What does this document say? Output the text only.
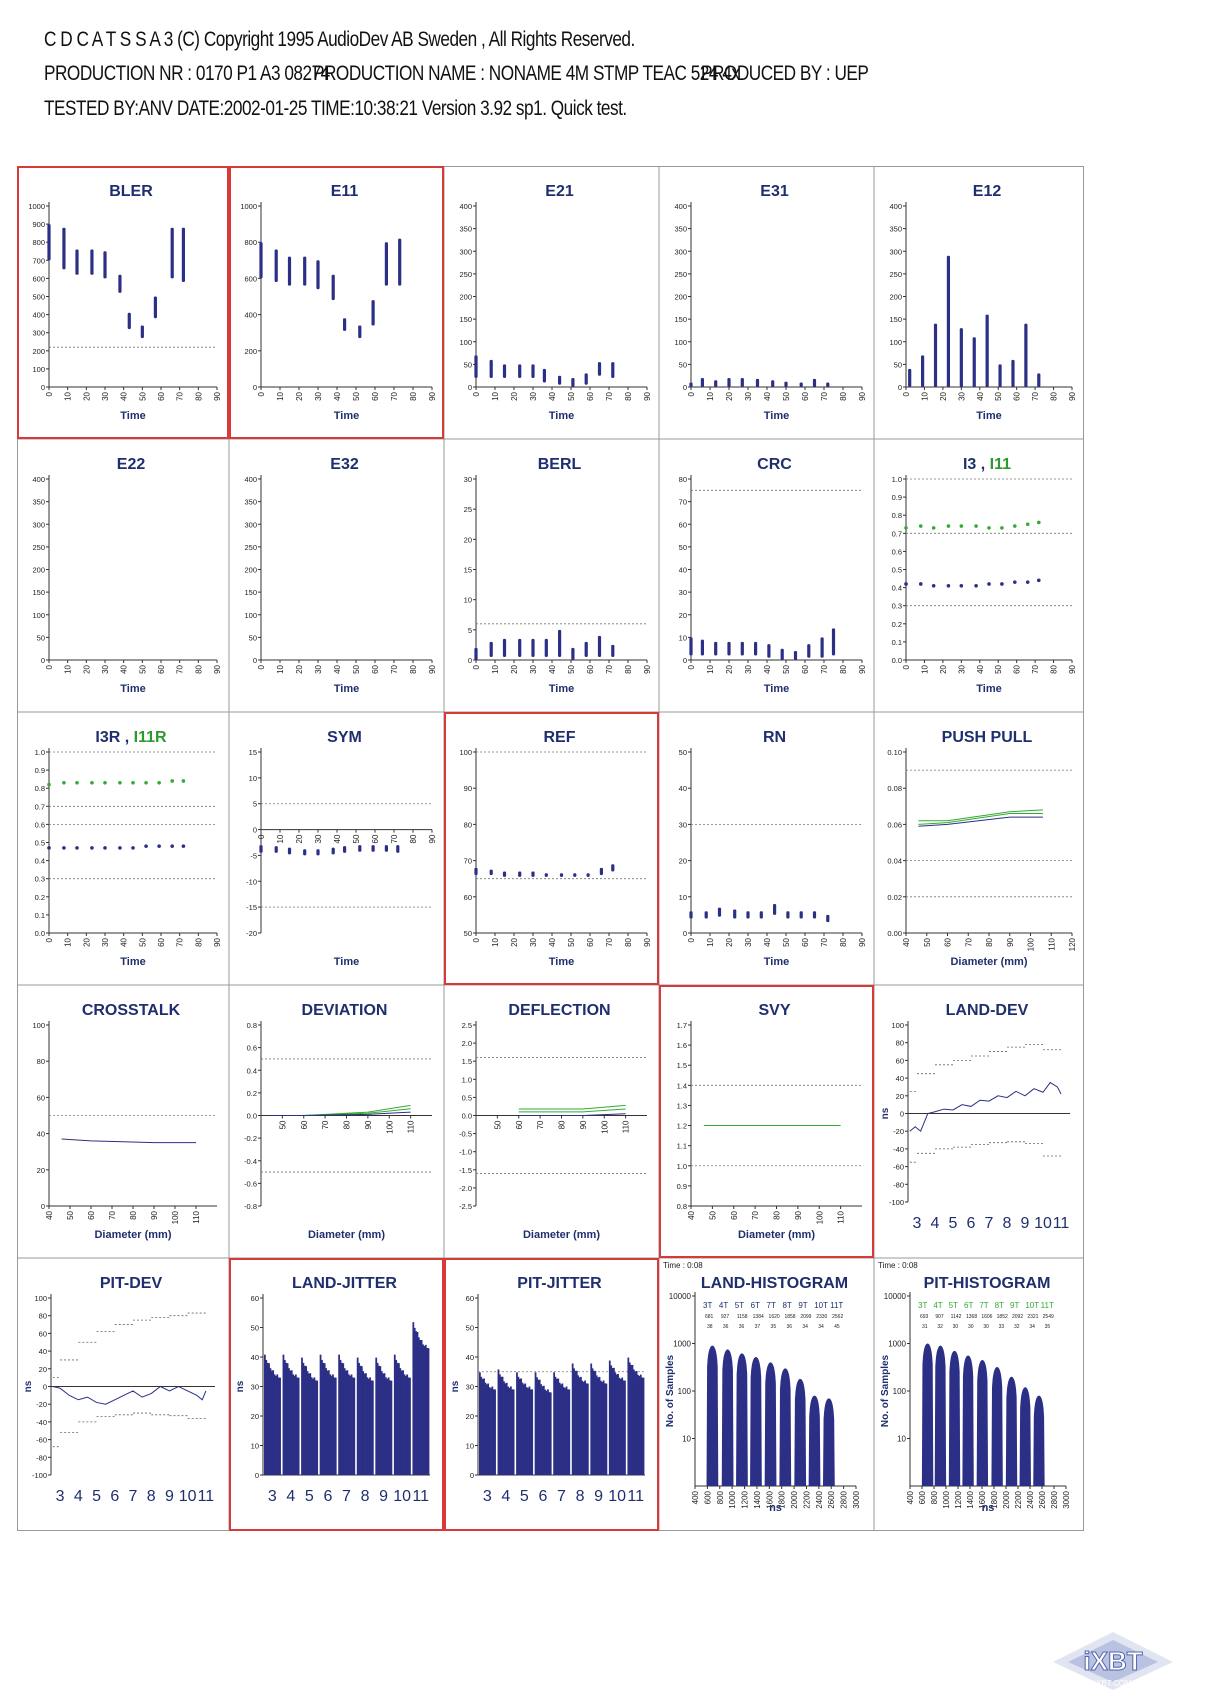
C D C A T S S A 3 (C) Copyright 1995 AudioDev AB Sweden , All Rights Reserved.
PRODUCTION NR : 0170 P1 A3 08274
PRODUCTION NAME : NONAME 4M STMP TEAC 524 4x
PRODUCED BY : UEP
TESTED BY:ANV DATE:2002-01-25 TIME:10:38:21 Version 3.92 sp1. Quick test.
BLER
0
100
200
300
400
500
600
700
800
900
1000
0 10 20 30 40 50 60 70 80 90
Time
E11
0
200
400
600
800
1000
0 10 20 30 40 50 60 70 80 90
Time
E21
0
50
100
150
200
250
300
350
400
0 10 20 30 40 50 60 70 80 90
Time
E31
0
50
100
150
200
250
300
350
400
0 10 20 30 40 50 60 70 80 90
Time
E12
0
50
100
150
200
250
300
350
400
0 10 20 30 40 50 60 70 80 90
Time
E22
0
50
100
150
200
250
300
350
400
0 10 20 30 40 50 60 70 80 90
Time
E32
0
50
100
150
200
250
300
350
400
0 10 20 30 40 50 60 70 80 90
Time
BERL
0
5
10
15
20
25
30
0 10 20 30 40 50 60 70 80 90
Time
CRC
0
10
20
30
40
50
60
70
80
0 10 20 30 40 50 60 70 80 90
Time
I3 , I11
0.0
0.1
0.2
0.3
0.4
0.5
0.6
0.7
0.8
0.9
1.0
0 10 20 30 40 50 60 70 80 90
Time
I3R , I11R
0.0
0.1
0.2
0.3
0.4
0.5
0.6
0.7
0.8
0.9
1.0
0 10 20 30 40 50 60 70 80 90
Time
SYM
-20
-15
-10
-5
0
5
10
15
0 10 20 30 40 50 60 70 80 90
Time
REF
50
60
70
80
90
100
0 10 20 30 40 50 60 70 80 90
Time
RN
0
10
20
30
40
50
0 10 20 30 40 50 60 70 80 90
Time
PUSH PULL
0.00
0.02
0.04
0.06
0.08
0.10
40 50 60 70 80 90 100 110 120
Diameter (mm)
CROSSTALK
0
20
40
60
80
100
40 50 60 70 80 90 100 110
Diameter (mm)
DEVIATION
-0.8
-0.6
-0.4
-0.2
0.0
0.2
0.4
0.6
0.8
50 60 70 80 90 100 110
Diameter (mm)
DEFLECTION
-2.5
-2.0
-1.5
-1.0
-0.5
0.0
0.5
1.0
1.5
2.0
2.5
50 60 70 80 90 100 110
Diameter (mm)
SVY
0.8
0.9
1.0
1.1
1.2
1.3
1.4
1.5
1.6
1.7
40 50 60 70 80 90 100 110
Diameter (mm)
LAND-DEV
-100
-80
-60
-40
-20
0
20
40
60
80
100
3 4 5 6 7 8 9 10 11
ns
PIT-DEV
-100
-80
-60
-40
-20
0
20
40
60
80
100
3 4 5 6 7 8 9 10 11
ns
LAND-JITTER
0
10
20
30
40
50
60
ns
3 4 5 6 7 8 9 10 11
PIT-JITTER
0
10
20
30
40
50
60
ns
3 4 5 6 7 8 9 10 11
LAND-HISTOGRAM
Time : 0:08
10
100
1000
10000
400 600 800 1000 1200 1400 1600 1800 2000 2200 2400 2600 2800 3000
ns
No. of Samples
3T 4T 5T 6T 7T 8T 9T 10T 11T
681 927 1158 1384 1620 1858 2099 2330 2562
38 36 36 37 35 36 34 34 45
PIT-HISTOGRAM
Time : 0:08
10
100
1000
10000
400 600 800 1000 1200 1400 1600 1800 2000 2200 2400 2600 2800 3000
ns
No. of Samples
3T 4T 5T 6T 7T 8T 9T 10T 11T
693 907 1142 1368 1606 1852 2092 2321 2549
31 32 30 30 30 33 32 34 35
iXBT
iXBT.COM
